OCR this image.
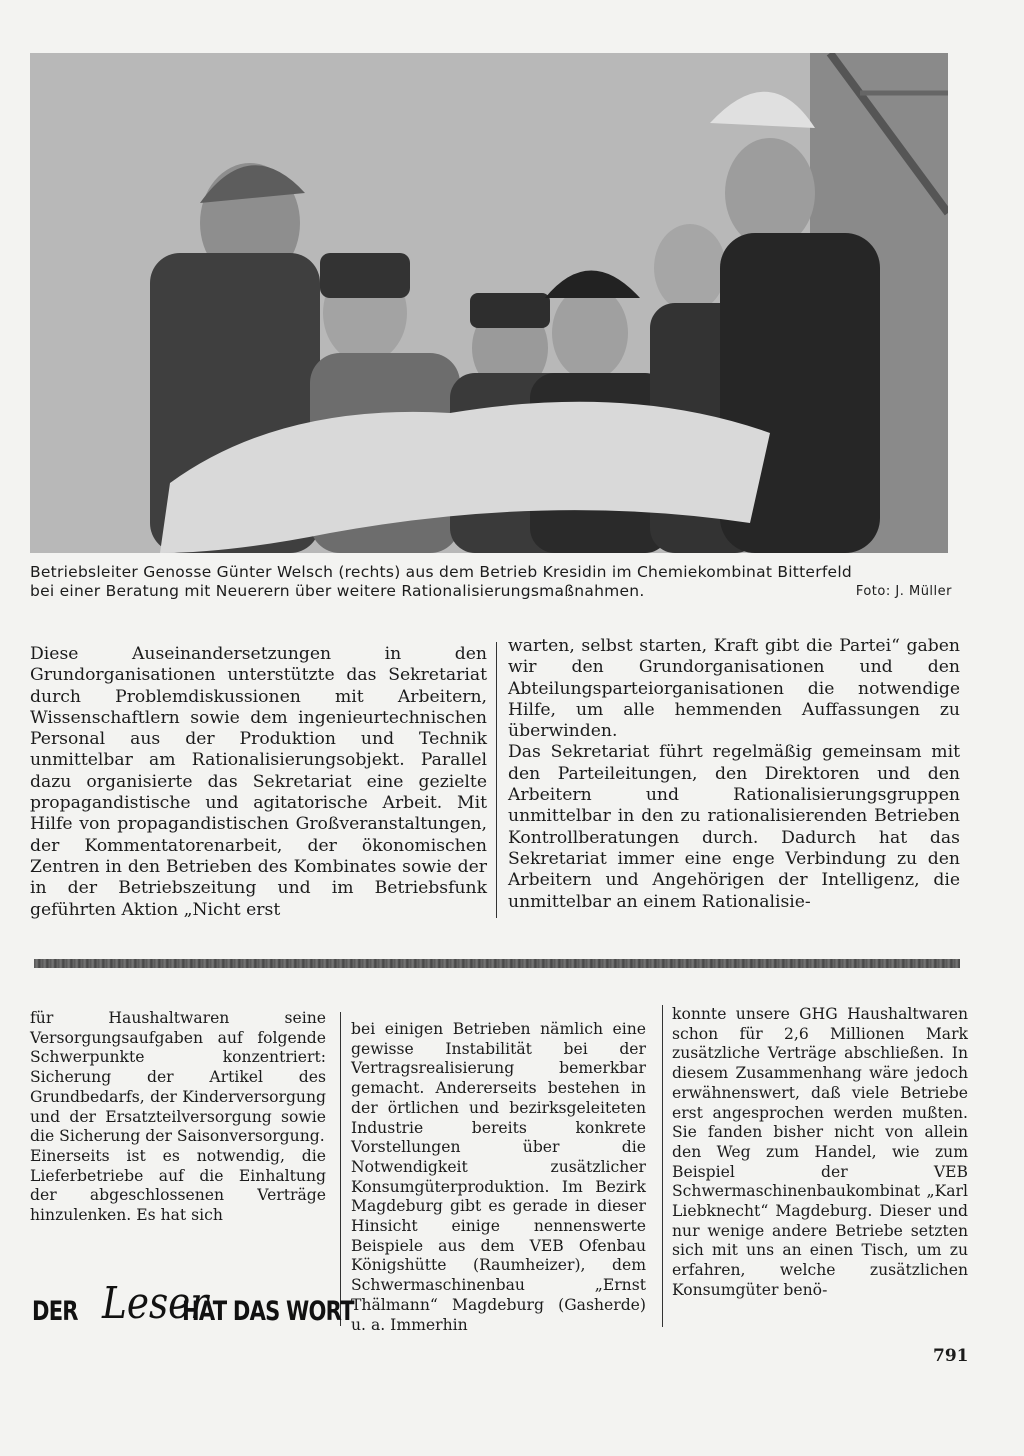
Betriebsleiter Genosse Günter Welsch (rechts) aus dem Betrieb Kresidin im Chemiekombinat Bitterfeld
bei einer Beratung mit Neuerern über weitere Rationalisierungsmaßnahmen.	Foto: J. Müller

Diese Auseinandersetzungen in den Grundorganisationen unterstützte das Sekretariat durch Problemdiskussionen mit Arbeitern, Wissenschaftlern sowie dem ingenieurtechnischen Personal aus der Produktion und Technik unmittelbar am Rationalisierungsobjekt. Parallel dazu organisierte das Sekretariat eine gezielte propagandistische und agitatorische Arbeit. Mit Hilfe von propagandistischen Großveranstaltungen, der Kommentatorenarbeit, der ökonomischen Zentren in den Betrieben des Kombinates sowie der in der Betriebszeitung und im Betriebsfunk geführten Aktion „Nicht erst

warten, selbst starten, Kraft gibt die Partei“ gaben wir den Grundorganisationen und den Abteilungsparteiorganisationen die notwendige Hilfe, um alle hemmenden Auffassungen zu überwinden.

Das Sekretariat führt regelmäßig gemeinsam mit den Parteileitungen, den Direktoren und den Arbeitern und Rationalisierungsgruppen unmittelbar in den zu rationalisierenden Betrieben Kontrollberatungen durch. Dadurch hat das Sekretariat immer eine enge Verbindung zu den Arbeitern und Angehörigen der Intelligenz, die unmittelbar an einem Rationalisie-

für Haushaltwaren seine Versorgungsaufgaben auf folgende Schwerpunkte konzentriert: Sicherung der Artikel des Grundbedarfs, der Kinderversorgung und der Ersatzteilversorgung sowie die Sicherung der Saisonversorgung.

Einerseits ist es notwendig, die Lieferbetriebe auf die Einhaltung der abgeschlossenen Verträge hinzulenken. Es hat sich

bei einigen Betrieben nämlich eine gewisse Instabilität bei der Vertragsrealisierung bemerkbar gemacht. Andererseits bestehen in der örtlichen und bezirksgeleiteten Industrie bereits konkrete Vorstellungen über die Notwendigkeit zusätzlicher Konsumgüterproduktion. Im Bezirk Magdeburg gibt es gerade in dieser Hinsicht einige nennenswerte Beispiele aus dem VEB Ofenbau Königshütte (Raumheizer), dem Schwermaschinenbau „Ernst Thälmann“ Magdeburg (Gasherde) u. a. Immerhin

konnte unsere GHG Haushaltwaren schon für 2,6 Millionen Mark zusätzliche Verträge abschließen. In diesem Zusammenhang wäre jedoch erwähnenswert, daß viele Betriebe erst angesprochen werden mußten. Sie fanden bisher nicht von allein den Weg zum Handel, wie zum Beispiel der VEB Schwermaschinenbaukombinat „Karl Liebknecht“ Magdeburg. Dieser und nur wenige andere Betriebe setzten sich mit uns an einen Tisch, um zu erfahren, welche zusätzlichen Konsumgüter benö-

DER Leser
HAT DAS WORT
791
